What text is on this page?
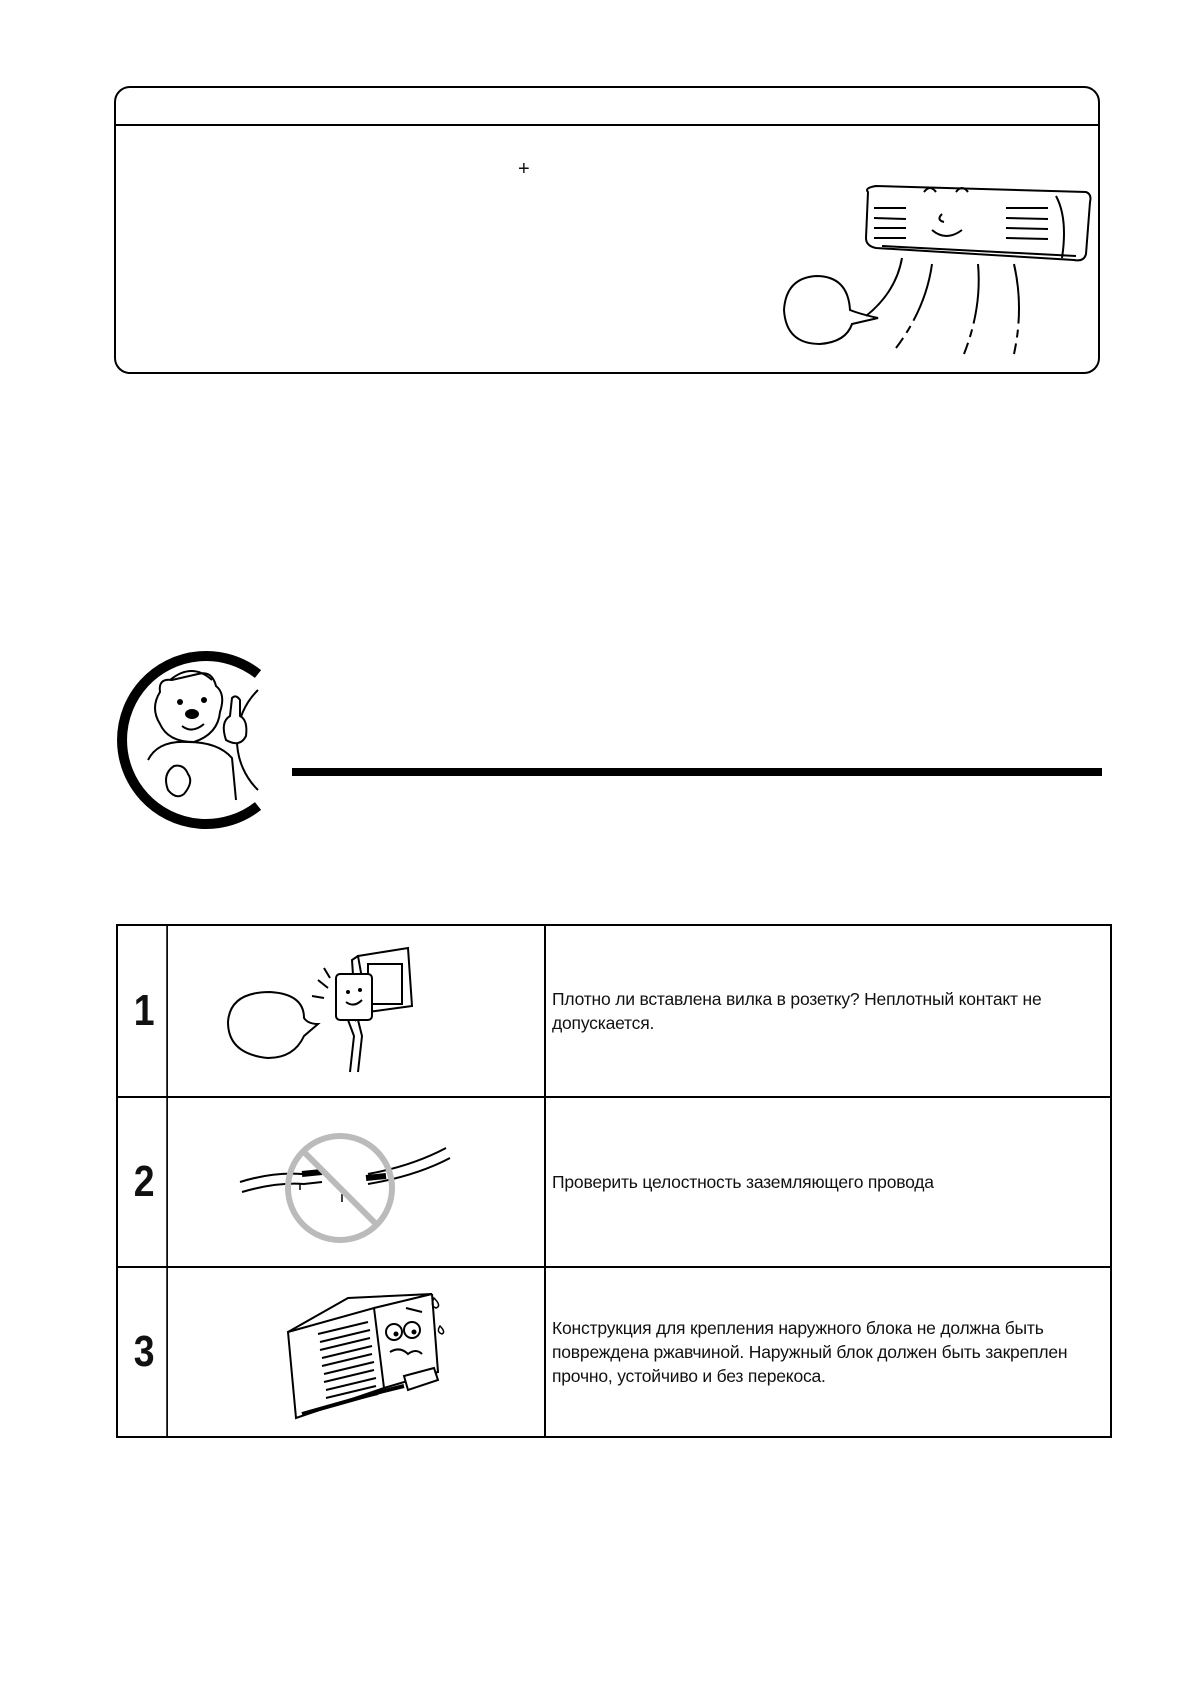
+
1	Плотно ли вставлена вилка в розетку? Неплотный контакт не допускается.
2	Проверить целостность заземляющего провода
3	Конструкция для крепления наружного блока не должна быть повреждена ржавчиной. Наружный блок должен быть закреплен прочно, устойчиво и без перекоса.
